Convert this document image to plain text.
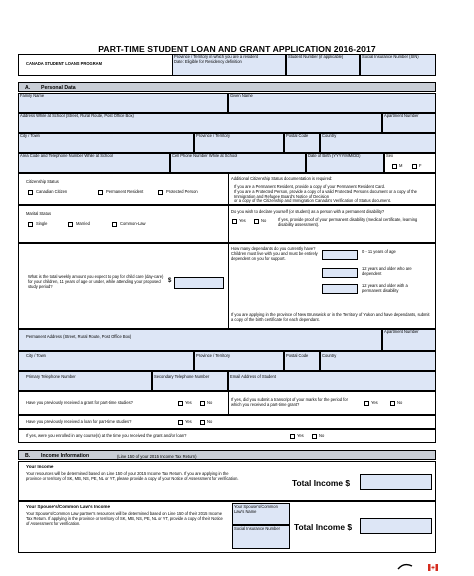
PART-TIME STUDENT LOAN AND GRANT APPLICATION 2016-2017
CANADA STUDENT LOANS PROGRAM
Province / Territory in which you are a resident
Date: Eligible for Residency definition
Student Number (if applicable)	Social Insurance Number (SIN)
A. Personal Data
Family Name	Given Name
Address While at School (Street, Rural Route, Post Office Box)	Apartment Number
City / Town	Province / Territory	Postal Code	Country
Area Code and Telephone Number While at School	Cell Phone Number While at School	Date of Birth (YYYY/MM/DD)	Sex
M	F
Citizenship Status
Canadian Citizen	Permanent Resident	Protected Person
Additional Citizenship Status documentation is required:
If you are a Permanent Resident, provide a copy of your Permanent Resident Card.
If you are a Protected Person, provide a copy of a valid Protected Persons document or a copy of the Immigration and Refugee Board's Notice of Decision
or a copy of the Citizenship and Immigration Canada's Verification of Status document.
Marital Status
Single	Married	Common-Law
Do you wish to declare yourself (or student) as a person with a permanent disability?
Yes	No	If yes, provide proof of your permanent disability (medical certificate, learning disability assessment).
How many dependants do you currently have? Children must live with you and must be entirely dependent on you for support.
0 - 11 years of age
12 years and older who are dependent
12 years and older with a permanent disability
What is the total weekly amount you expect to pay for child care (day-care) for your children, 11 years of age or under, while attending your proposed study period?
$
If you are applying in the province of New Brunswick or in the Territory of Yukon and have dependants, submit a copy of the birth certificate for each dependant.
Permanent Address (Street, Rural Route, Post Office Box)
Apartment Number
City / Town	Province / Territory	Postal Code	Country
Primary Telephone Number	Secondary Telephone Number	Email Address of Student
Have you previously received a grant for part-time studies?	Yes	No
If yes, did you submit a transcript of your marks for the period for which you received a part-time grant?	Yes	No
Have you previously received a loan for part-time studies?	Yes	No
If yes, were you enrolled in any course(s) at the time you received the grant and/or loan?	Yes	No
B. Income Information	(Line 150 of your 2015 Income Tax Return)
Your Income
Your resources will be determined based on Line 150 of your 2015 Income Tax Return. If you are applying in the province or territory of SK, MB, NS, PE, NL or YT, please provide a copy of your Notice of Assessment for verification.	Total Income $
Your Spouse's/Common Law's Income
Your Spouse's/Common Law partner's resources will be determined based on Line 150 of their 2015 Income Tax Return. If applying in the province or territory of SK, MB, NS, PE, NL or YT, provide a copy of their Notice of Assessment for verification.
Your Spouse's/Common Law's Name
Social Insurance Number	Total Income $
